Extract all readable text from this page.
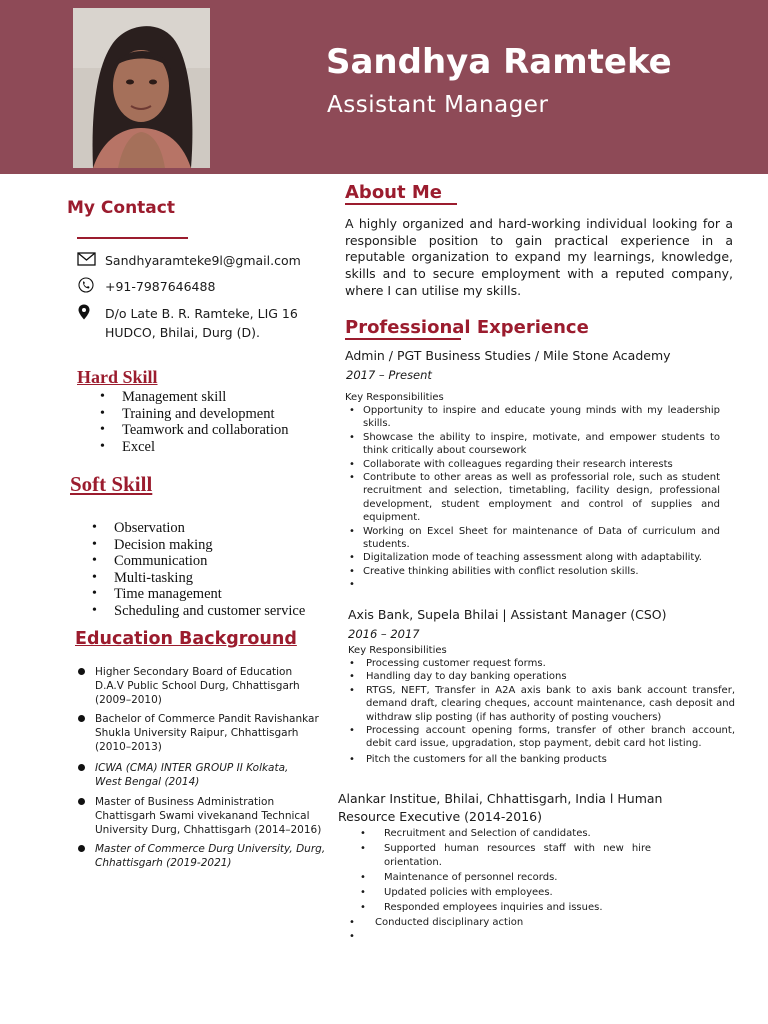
Sandhya Ramteke
Assistant Manager
My Contact
Sandhyaramteke9l@gmail.com
+91-7987646488
D/o Late B. R. Ramteke, LIG 16
HUDCO, Bhilai, Durg (D).
Hard Skill
• Management skill
• Training and development
• Teamwork and collaboration
• Excel
Soft Skill
• Observation
• Decision making
• Communication
• Multi-tasking
• Time management
• Scheduling and customer service
Education Background
Higher Secondary Board of Education
D.A.V Public School Durg, Chhattisgarh
(2009–2010)
Bachelor of Commerce Pandit Ravishankar
Shukla University Raipur, Chhattisgarh
(2010–2013)
ICWA (CMA) INTER GROUP II Kolkata,
West Bengal (2014)
Master of Business Administration
Chattisgarh Swami vivekanand Technical
University Durg, Chhattisgarh (2014–2016)
Master of Commerce Durg University, Durg,
Chhattisgarh (2019-2021)
About Me
A highly organized and hard-working individual looking for a responsible position to gain practical experience in a reputable organization to expand my learnings, knowledge, skills and to secure employment with a reputed company, where I can utilise my skills.
Professional Experience
Admin / PGT Business Studies / Mile Stone Academy
2017 – Present
Key Responsibilities
• Opportunity to inspire and educate young minds with my leadership skills.
• Showcase the ability to inspire, motivate, and empower students to think critically about coursework
• Collaborate with colleagues regarding their research interests
• Contribute to other areas as well as professorial role, such as student recruitment and selection, timetabling, facility design, professional development, student employment and control of supplies and equipment.
• Working on Excel Sheet for maintenance of Data of curriculum and students.
• Digitalization mode of teaching assessment along with adaptability.
• Creative thinking abilities with conflict resolution skills.
•
Axis Bank, Supela Bhilai | Assistant Manager (CSO)
2016 – 2017
Key Responsibilities
• Processing customer request forms.
• Handling day to day banking operations
• RTGS, NEFT, Transfer in A2A axis bank to axis bank account transfer, demand draft, clearing cheques, account maintenance, cash deposit and withdraw slip posting (if has authority of posting vouchers)
• Processing account opening forms, transfer of other branch account, debit card issue, upgradation, stop payment, debit card hot listing.
• Pitch the customers for all the banking products
Alankar Institue, Bhilai, Chhattisgarh, India l Human
Resource Executive (2014-2016)
• Recruitment and Selection of candidates.
• Supported human resources staff with new hire orientation.
• Maintenance of personnel records.
• Updated policies with employees.
• Responded employees inquiries and issues.
• Conducted disciplinary action
•
